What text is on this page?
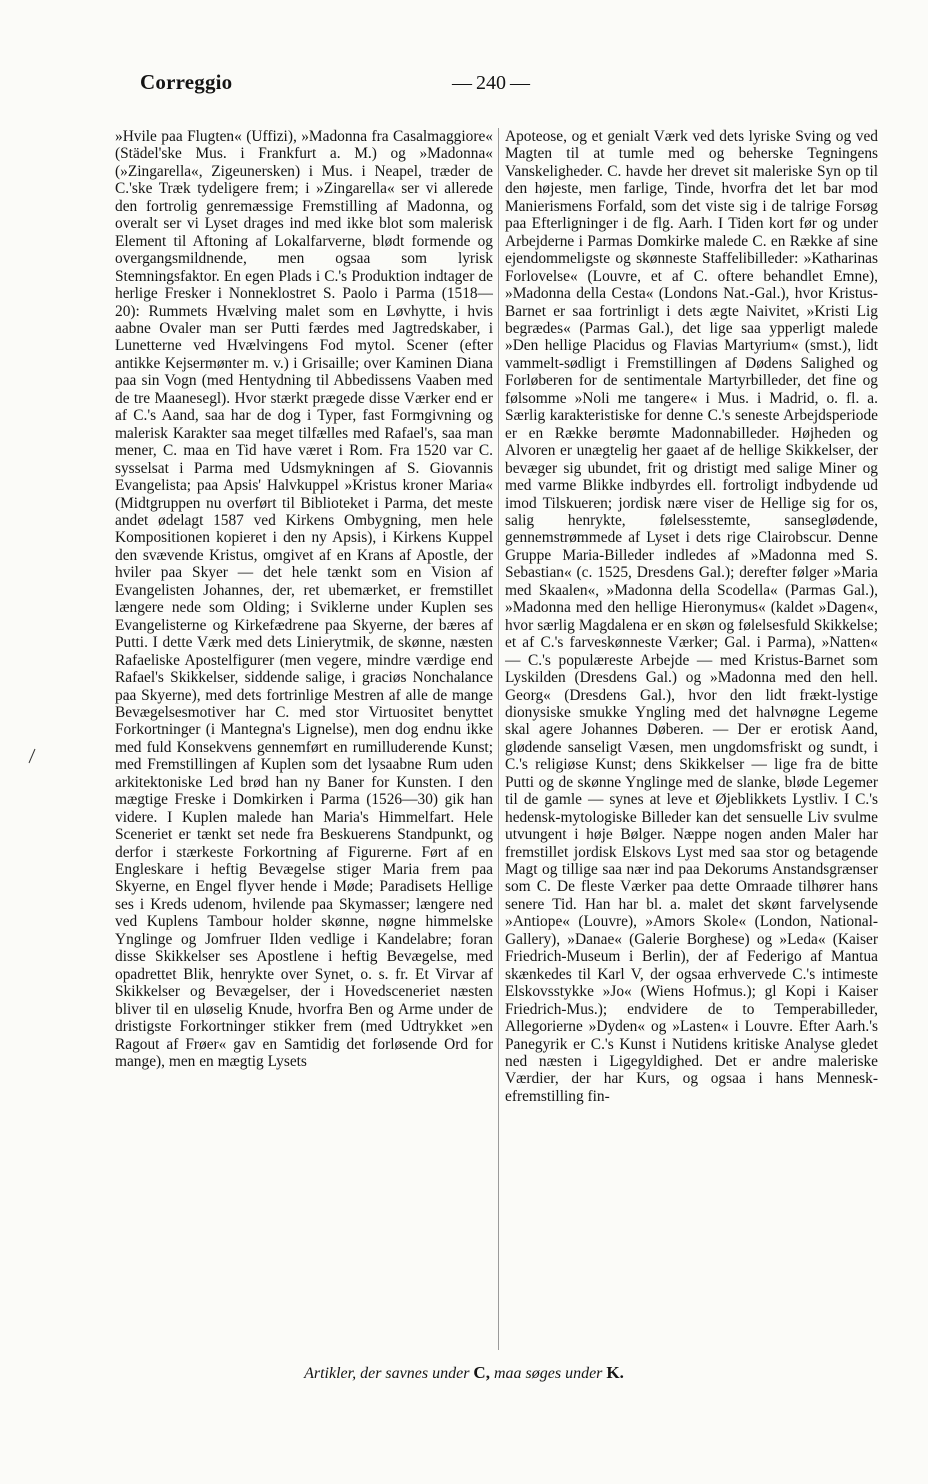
Correggio	— 240 —

»Hvile paa Flugten« (Uffizi), »Madonna fra Casalmaggiore« (Städel'ske Mus. i Frankfurt a. M.) og »Madonna« (»Zingarella«, Zigeunersken) i Mus. i Neapel, træder de C.'ske Træk tydeligere frem; i »Zingarella« ser vi allerede den fortrolig genremæssige Fremstilling af Madonna, og overalt ser vi Lyset drages ind med ikke blot som malerisk Element til Aftoning af Lokalfarverne, blødt formende og overgangsmildnende, men ogsaa som lyrisk Stemningsfaktor. En egen Plads i C.'s Produktion indtager de herlige Fresker i Nonneklostret S. Paolo i Parma (1518—20): Rummets Hvælving malet som en Løvhytte, i hvis aabne Ovaler man ser Putti færdes med Jagtredskaber, i Lunetterne ved Hvælvingens Fod mytol. Scener (efter antikke Kejsermønter m. v.) i Grisaille; over Kaminen Diana paa sin Vogn (med Hentydning til Abbedissens Vaaben med de tre Maanesegl). Hvor stærkt prægede disse Værker end er af C.'s Aand, saa har de dog i Typer, fast Formgivning og malerisk Karakter saa meget tilfælles med Rafael's, saa man mener, C. maa en Tid have været i Rom. Fra 1520 var C. sysselsat i Parma med Udsmykningen af S. Giovannis Evangelista; paa Apsis' Halvkuppel »Kristus kroner Maria« (Midtgruppen nu overført til Biblioteket i Parma, det meste andet ødelagt 1587 ved Kirkens Ombygning, men hele Kompositionen kopieret i den ny Apsis), i Kirkens Kuppel den svævende Kristus, omgivet af en Krans af Apostle, der hviler paa Skyer — det hele tænkt som en Vision af Evangelisten Johannes, der, ret ubemærket, er fremstillet længere nede som Olding; i Sviklerne under Kuplen ses Evangelisterne og Kirkefædrene paa Skyerne, der bæres af Putti. I dette Værk med dets Linierytmik, de skønne, næsten Rafaeliske Apostelfigurer (men vegere, mindre værdige end Rafael's Skikkelser, siddende salige, i graciøs Nonchalance paa Skyerne), med dets fortrinlige Mestren af alle de mange Bevægelsesmotiver har C. med stor Virtuositet benyttet Forkortninger (i Mantegna's Lignelse), men dog endnu ikke med fuld Konsekvens gennemført en rumilluderende Kunst; med Fremstillingen af Kuplen som det lysaabne Rum uden arkitektoniske Led brød han ny Baner for Kunsten. I den mægtige Freske i Domkirken i Parma (1526—30) gik han videre. I Kuplen malede han Maria's Himmelfart. Hele Sceneriet er tænkt set nede fra Beskuerens Standpunkt, og derfor i stærkeste Forkortning af Figurerne. Ført af en Engleskare i heftig Bevægelse stiger Maria frem paa Skyerne, en Engel flyver hende i Møde; Paradisets Hellige ses i Kreds udenom, hvilende paa Skymasser; længere ned ved Kuplens Tambour holder skønne, nøgne himmelske Ynglinge og Jomfruer Ilden vedlige i Kandelabre; foran disse Skikkelser ses Apostlene i heftig Bevægelse, med opadrettet Blik, henrykte over Synet, o. s. fr. Et Virvar af Skikkelser og Bevægelser, der i Hovedsceneriet næsten bliver til en uløselig Knude, hvorfra Ben og Arme under de dristigste Forkortninger stikker frem (med Udtrykket »en Ragout af Frøer« gav en Samtidig det forløsende Ord for mange), men en mægtig Lysets

Apoteose, og et genialt Værk ved dets lyriske Sving og ved Magten til at tumle med og beherske Tegningens Vanskeligheder. C. havde her drevet sit maleriske Syn op til den højeste, men farlige, Tinde, hvorfra det let bar mod Manierismens Forfald, som det viste sig i de talrige Forsøg paa Efterligninger i de flg. Aarh. I Tiden kort før og under Arbejderne i Parmas Domkirke malede C. en Række af sine ejendommeligste og skønneste Staffelibilleder: »Katharinas Forlovelse« (Louvre, et af C. oftere behandlet Emne), »Madonna della Cesta« (Londons Nat.-Gal.), hvor Kristus-Barnet er saa fortrinligt i dets ægte Naivitet, »Kristi Lig begrædes« (Parmas Gal.), det lige saa ypperligt malede »Den hellige Placidus og Flavias Martyrium« (smst.), lidt vammelt-sødligt i Fremstillingen af Dødens Salighed og Forløberen for de sentimentale Martyrbilleder, det fine og følsomme »Noli me tangere« i Mus. i Madrid, o. fl. a. Særlig karakteristiske for denne C.'s seneste Arbejdsperiode er en Række berømte Madonnabilleder. Højheden og Alvoren er unægtelig her gaaet af de hellige Skikkelser, der bevæger sig ubundet, frit og dristigt med salige Miner og med varme Blikke indbyrdes ell. fortroligt indbydende ud imod Tilskueren; jordisk nære viser de Hellige sig for os, salig henrykte, følelsesstemte, sanseglødende, gennemstrømmede af Lyset i dets rige Clairobscur. Denne Gruppe Maria-Billeder indledes af »Madonna med S. Sebastian« (c. 1525, Dresdens Gal.); derefter følger »Maria med Skaalen«, »Madonna della Scodella« (Parmas Gal.), »Madonna med den hellige Hieronymus« (kaldet »Dagen«, hvor særlig Magdalena er en skøn og følelsesfuld Skikkelse; et af C.'s farveskønneste Værker; Gal. i Parma), »Natten« — C.'s populæreste Arbejde — med Kristus-Barnet som Lyskilden (Dresdens Gal.) og »Madonna med den hell. Georg« (Dresdens Gal.), hvor den lidt frækt-lystige dionysiske smukke Yngling med det halvnøgne Legeme skal agere Johannes Døberen. — Der er erotisk Aand, glødende sanseligt Væsen, men ungdomsfriskt og sundt, i C.'s religiøse Kunst; dens Skikkelser — lige fra de bitte Putti og de skønne Ynglinge med de slanke, bløde Legemer til de gamle — synes at leve et Øjeblikkets Lystliv. I C.'s hedensk-mytologiske Billeder kan det sensuelle Liv svulme utvungent i høje Bølger. Næppe nogen anden Maler har fremstillet jordisk Elskovs Lyst med saa stor og betagende Magt og tillige saa nær ind paa Dekorums Anstandsgrænser som C. De fleste Værker paa dette Omraade tilhører hans senere Tid. Han har bl. a. malet det skønt farvelysende »Antiope« (Louvre), »Amors Skole« (London, National-Gallery), »Danae« (Galerie Borghese) og »Leda« (Kaiser Friedrich-Museum i Berlin), der af Federigo af Mantua skænkedes til Karl V, der ogsaa erhvervede C.'s intimeste Elskovsstykke »Jo« (Wiens Hofmus.); gl Kopi i Kaiser Friedrich-Mus.); endvidere de to Temperabilleder, Allegorierne »Dyden« og »Lasten« i Louvre. Efter Aarh.'s Panegyrik er C.'s Kunst i Nutidens kritiske Analyse gledet ned næsten i Ligegyldighed. Det er andre maleriske Værdier, der har Kurs, og ogsaa i hans Menneskefremstilling fin-

Artikler, der savnes under C, maa søges under K.
